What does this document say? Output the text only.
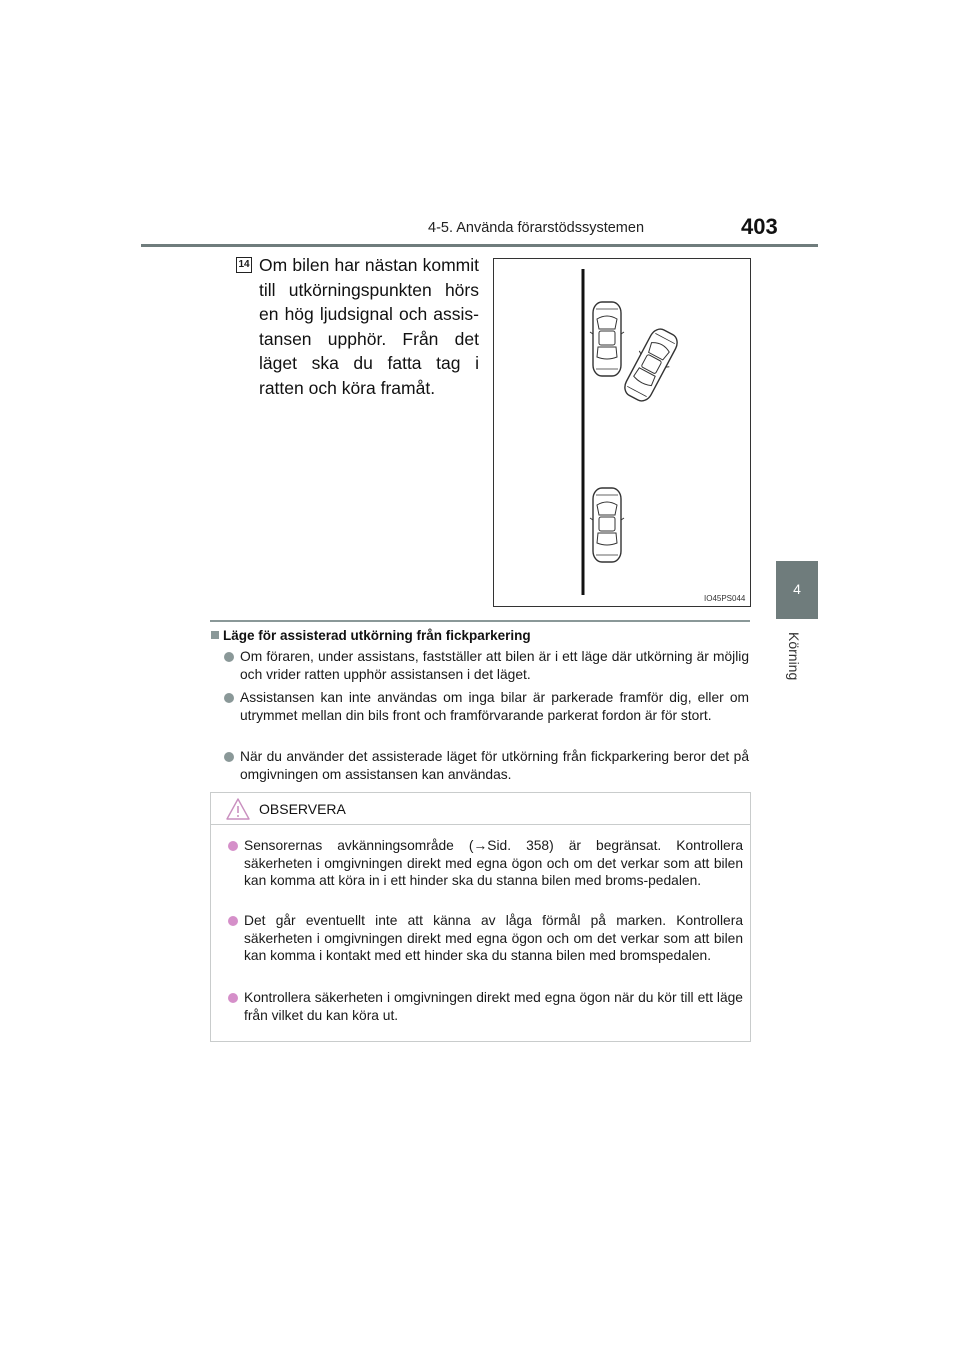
4-5. Använda förarstödssystemen	403
4
Körning
14 Om bilen har nästan kommit till utkörningspunkten hörs en hög ljudsignal och assis-tansen upphör. Från det läget ska du fatta tag i ratten och köra framåt.
IO45PS044
Läge för assisterad utkörning från fickparkering
Om föraren, under assistans, fastställer att bilen är i ett läge där utkörning är möjlig och vrider ratten upphör assistansen i det läget.
Assistansen kan inte användas om inga bilar är parkerade framför dig, eller om utrymmet mellan din bils front och framförvarande parkerat fordon är för stort.
När du använder det assisterade läget för utkörning från fickparkering beror det på omgivningen om assistansen kan användas.
OBSERVERA
Sensorernas avkänningsområde (→Sid. 358) är begränsat. Kontrollera säkerheten i omgivningen direkt med egna ögon och om det verkar som att bilen kan komma att köra in i ett hinder ska du stanna bilen med broms-pedalen.
Det går eventuellt inte att känna av låga förmål på marken. Kontrollera säkerheten i omgivningen direkt med egna ögon och om det verkar som att bilen kan komma i kontakt med ett hinder ska du stanna bilen med bromspedalen.
Kontrollera säkerheten i omgivningen direkt med egna ögon när du kör till ett läge från vilket du kan köra ut.
